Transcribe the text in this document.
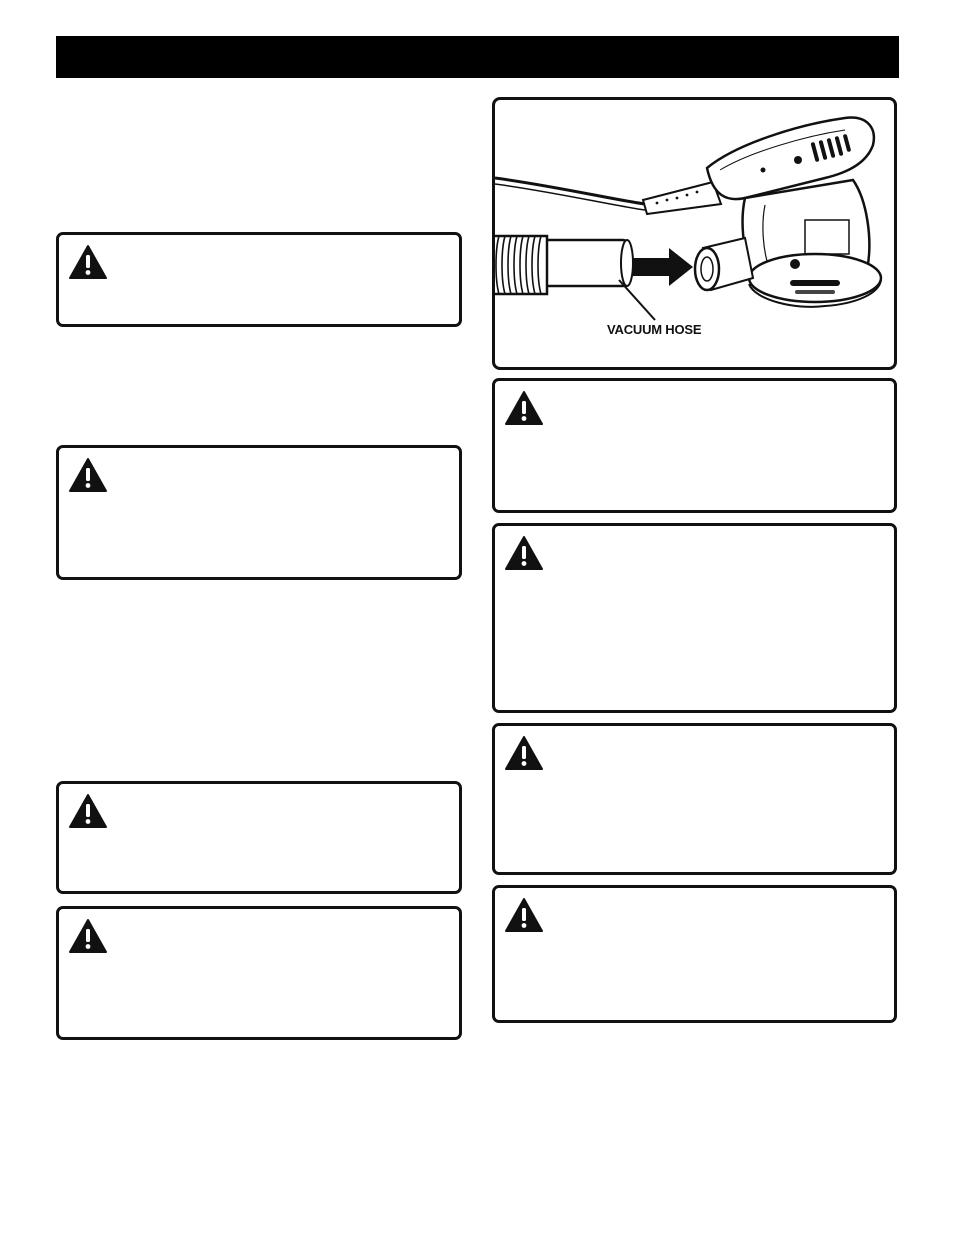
VACUUM HOSE
